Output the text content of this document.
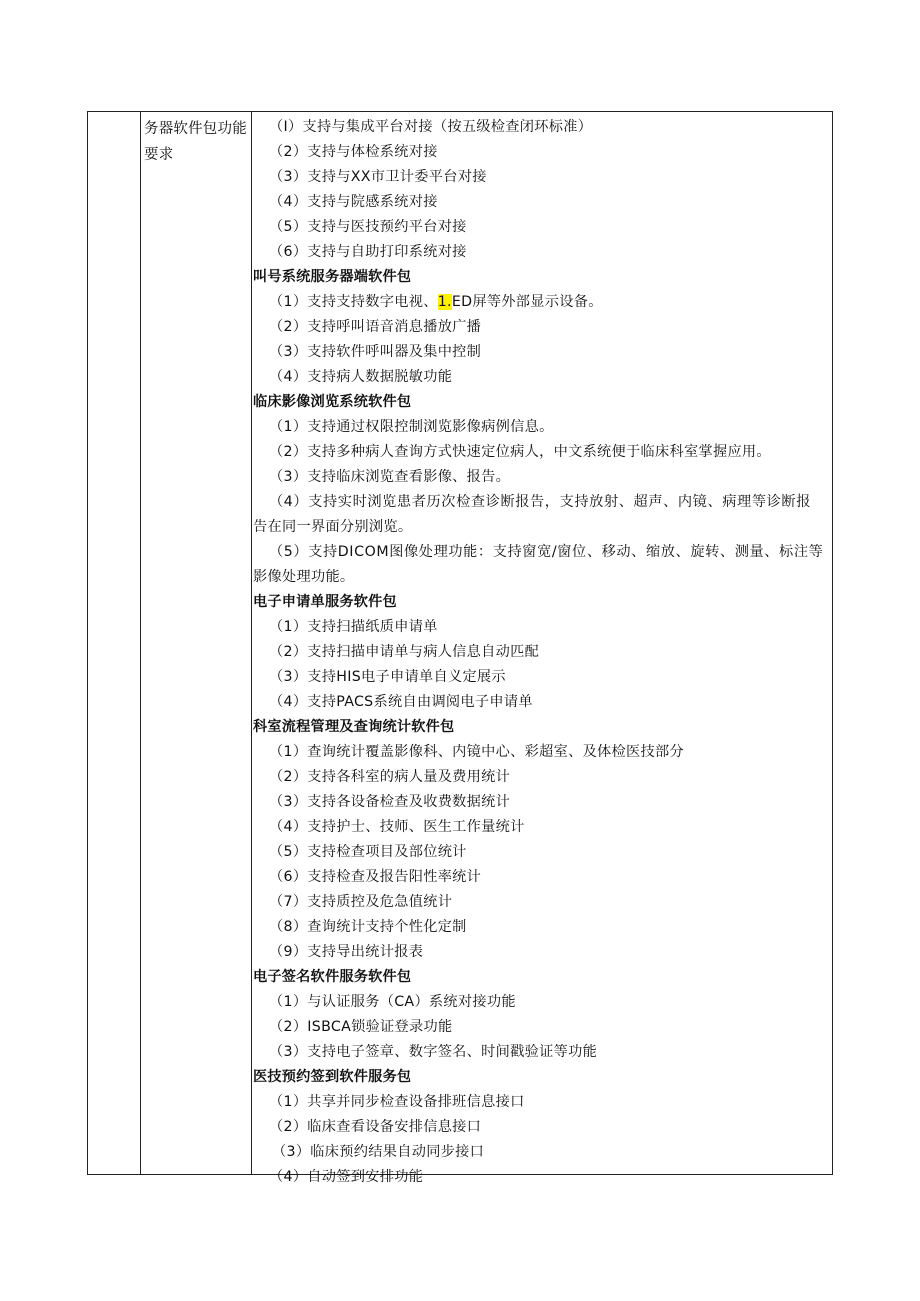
务器软件包功能要求
（I）支持与集成平台对接（按五级检查闭环标准）
（2）支持与体检系统对接
（3）支持与XX市卫计委平台对接
（4）支持与院感系统对接
（5）支持与医技预约平台对接
（6）支持与自助打印系统对接
叫号系统服务器端软件包
（1）支持支持数字电视、1.ED屏等外部显示设备。
（2）支持呼叫语音消息播放广播
（3）支持软件呼叫器及集中控制
（4）支持病人数据脱敏功能
临床影像浏览系统软件包
（1）支持通过权限控制浏览影像病例信息。
（2）支持多种病人查询方式快速定位病人，中文系统便于临床科室掌握应用。
（3）支持临床浏览查看影像、报告。
（4）支持实时浏览患者历次检查诊断报告，支持放射、超声、内镜、病理等诊断报
告在同一界面分别浏览。
（5）支持DICOM图像处理功能：支持窗宽/窗位、移动、缩放、旋转、测量、标注等
影像处理功能。
电子申请单服务软件包
（1）支持扫描纸质申请单
（2）支持扫描申请单与病人信息自动匹配
（3）支持HIS电子申请单自义定展示
（4）支持PACS系统自由调阅电子申请单
科室流程管理及查询统计软件包
（1）查询统计覆盖影像科、内镜中心、彩超室、及体检医技部分
（2）支持各科室的病人量及费用统计
（3）支持各设备检查及收费数据统计
（4）支持护士、技师、医生工作量统计
（5）支持检查项目及部位统计
（6）支持检查及报告阳性率统计
（7）支持质控及危急值统计
（8）查询统计支持个性化定制
（9）支持导出统计报表
电子签名软件服务软件包
（1）与认证服务（CA）系统对接功能
（2）ISBCA锁验证登录功能
（3）支持电子签章、数字签名、时间戳验证等功能
医技预约签到软件服务包
（1）共享并同步检查设备排班信息接口
（2）临床查看设备安排信息接口
（3）临床预约结果自动同步接口
（4）自动签到安排功能
